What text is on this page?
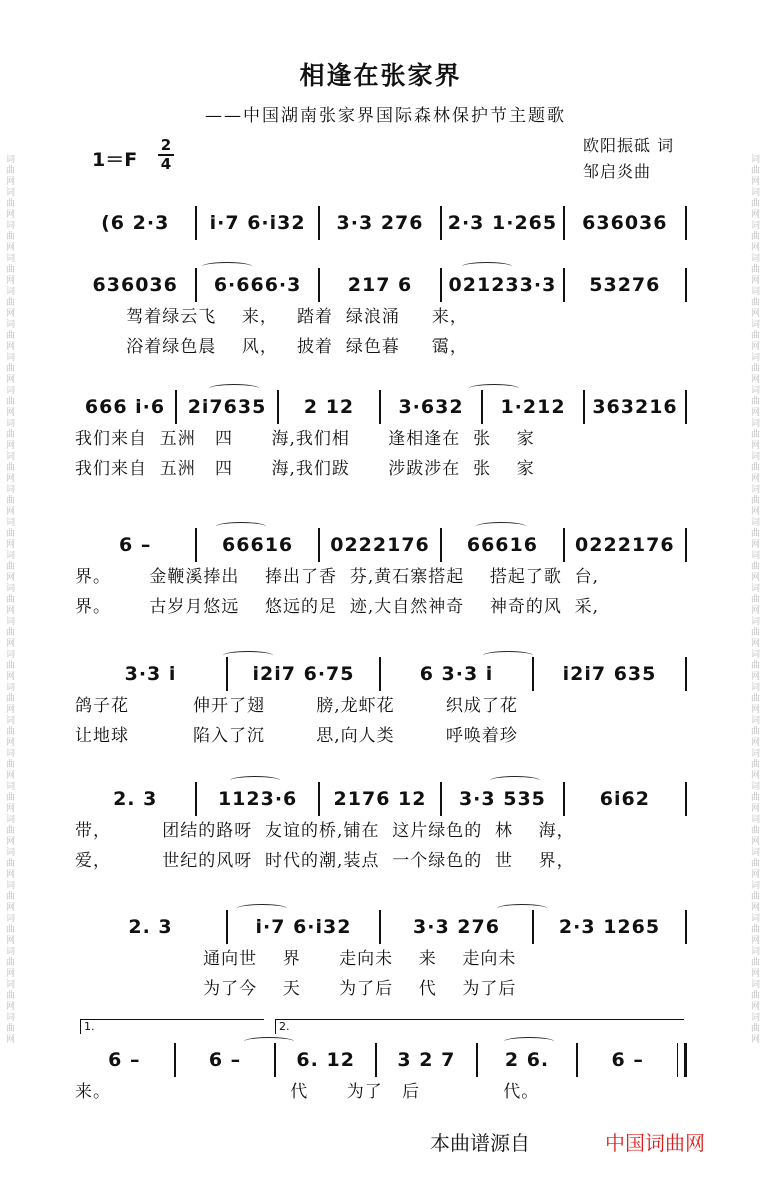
词曲网词曲网词曲网词曲网词曲网词曲网词曲网词曲网词曲网词曲网词曲网词曲网词曲网词曲网词曲网词曲网词曲网词曲网词曲网词曲网词曲网词曲网词曲网词曲网词曲网词曲网词曲网	词曲网词曲网词曲网词曲网词曲网词曲网词曲网词曲网词曲网词曲网词曲网词曲网词曲网词曲网词曲网词曲网词曲网词曲网词曲网词曲网词曲网词曲网词曲网词曲网词曲网词曲网词曲网
相逢在张家界
——中国湖南张家界国际森林保护节主题歌
1＝F
2
4
欧阳振砥 词
邹启炎曲
(6 2·3	i·7 6·i32	3·3 276	2·3 1·265	636036
636036	6·666·3	217 6	021233·3	53276
驾着绿云飞    来，   踏着  绿浪涌     来，
浴着绿色晨    风，   披着  绿色暮     霭，
666 i·6	2i7635	2 12	3·632	1·212	363216
我们来自  五洲   四      海,我们相      逢相逢在  张    家
我们来自  五洲   四      海,我们跋      涉跋涉在  张    家
6 –	66616	0222176	66616	0222176
界。      金鞭溪捧出    捧出了香  芬,黄石寨搭起    搭起了歌  台,
界。      古岁月悠远    悠远的足  迹,大自然神奇    神奇的风  采,
3·3 i	i2i7 6·75	6 3·3 i	i2i7 635
鸽子花          伸开了翅        膀,龙虾花        织成了花
让地球          陷入了沉        思,向人类        呼唤着珍
2. 3	1123·6	2176 12	3·3 535	6i62
带，        团结的路呀  友谊的桥,铺在  这片绿色的  林    海，
爱，        世纪的风呀  时代的潮,装点  一个绿色的  世    界，
2. 3	i·7 6·i32	3·3 276	2·3 1265
通向世    界      走向未    来    走向未
为了今    天      为了后    代    为了后
6 –	6 –	6. 12	3 2 7	2 6.	6 –
来。                            代      为了   后             代。
1.	2.
本曲谱源自	中国词曲网
